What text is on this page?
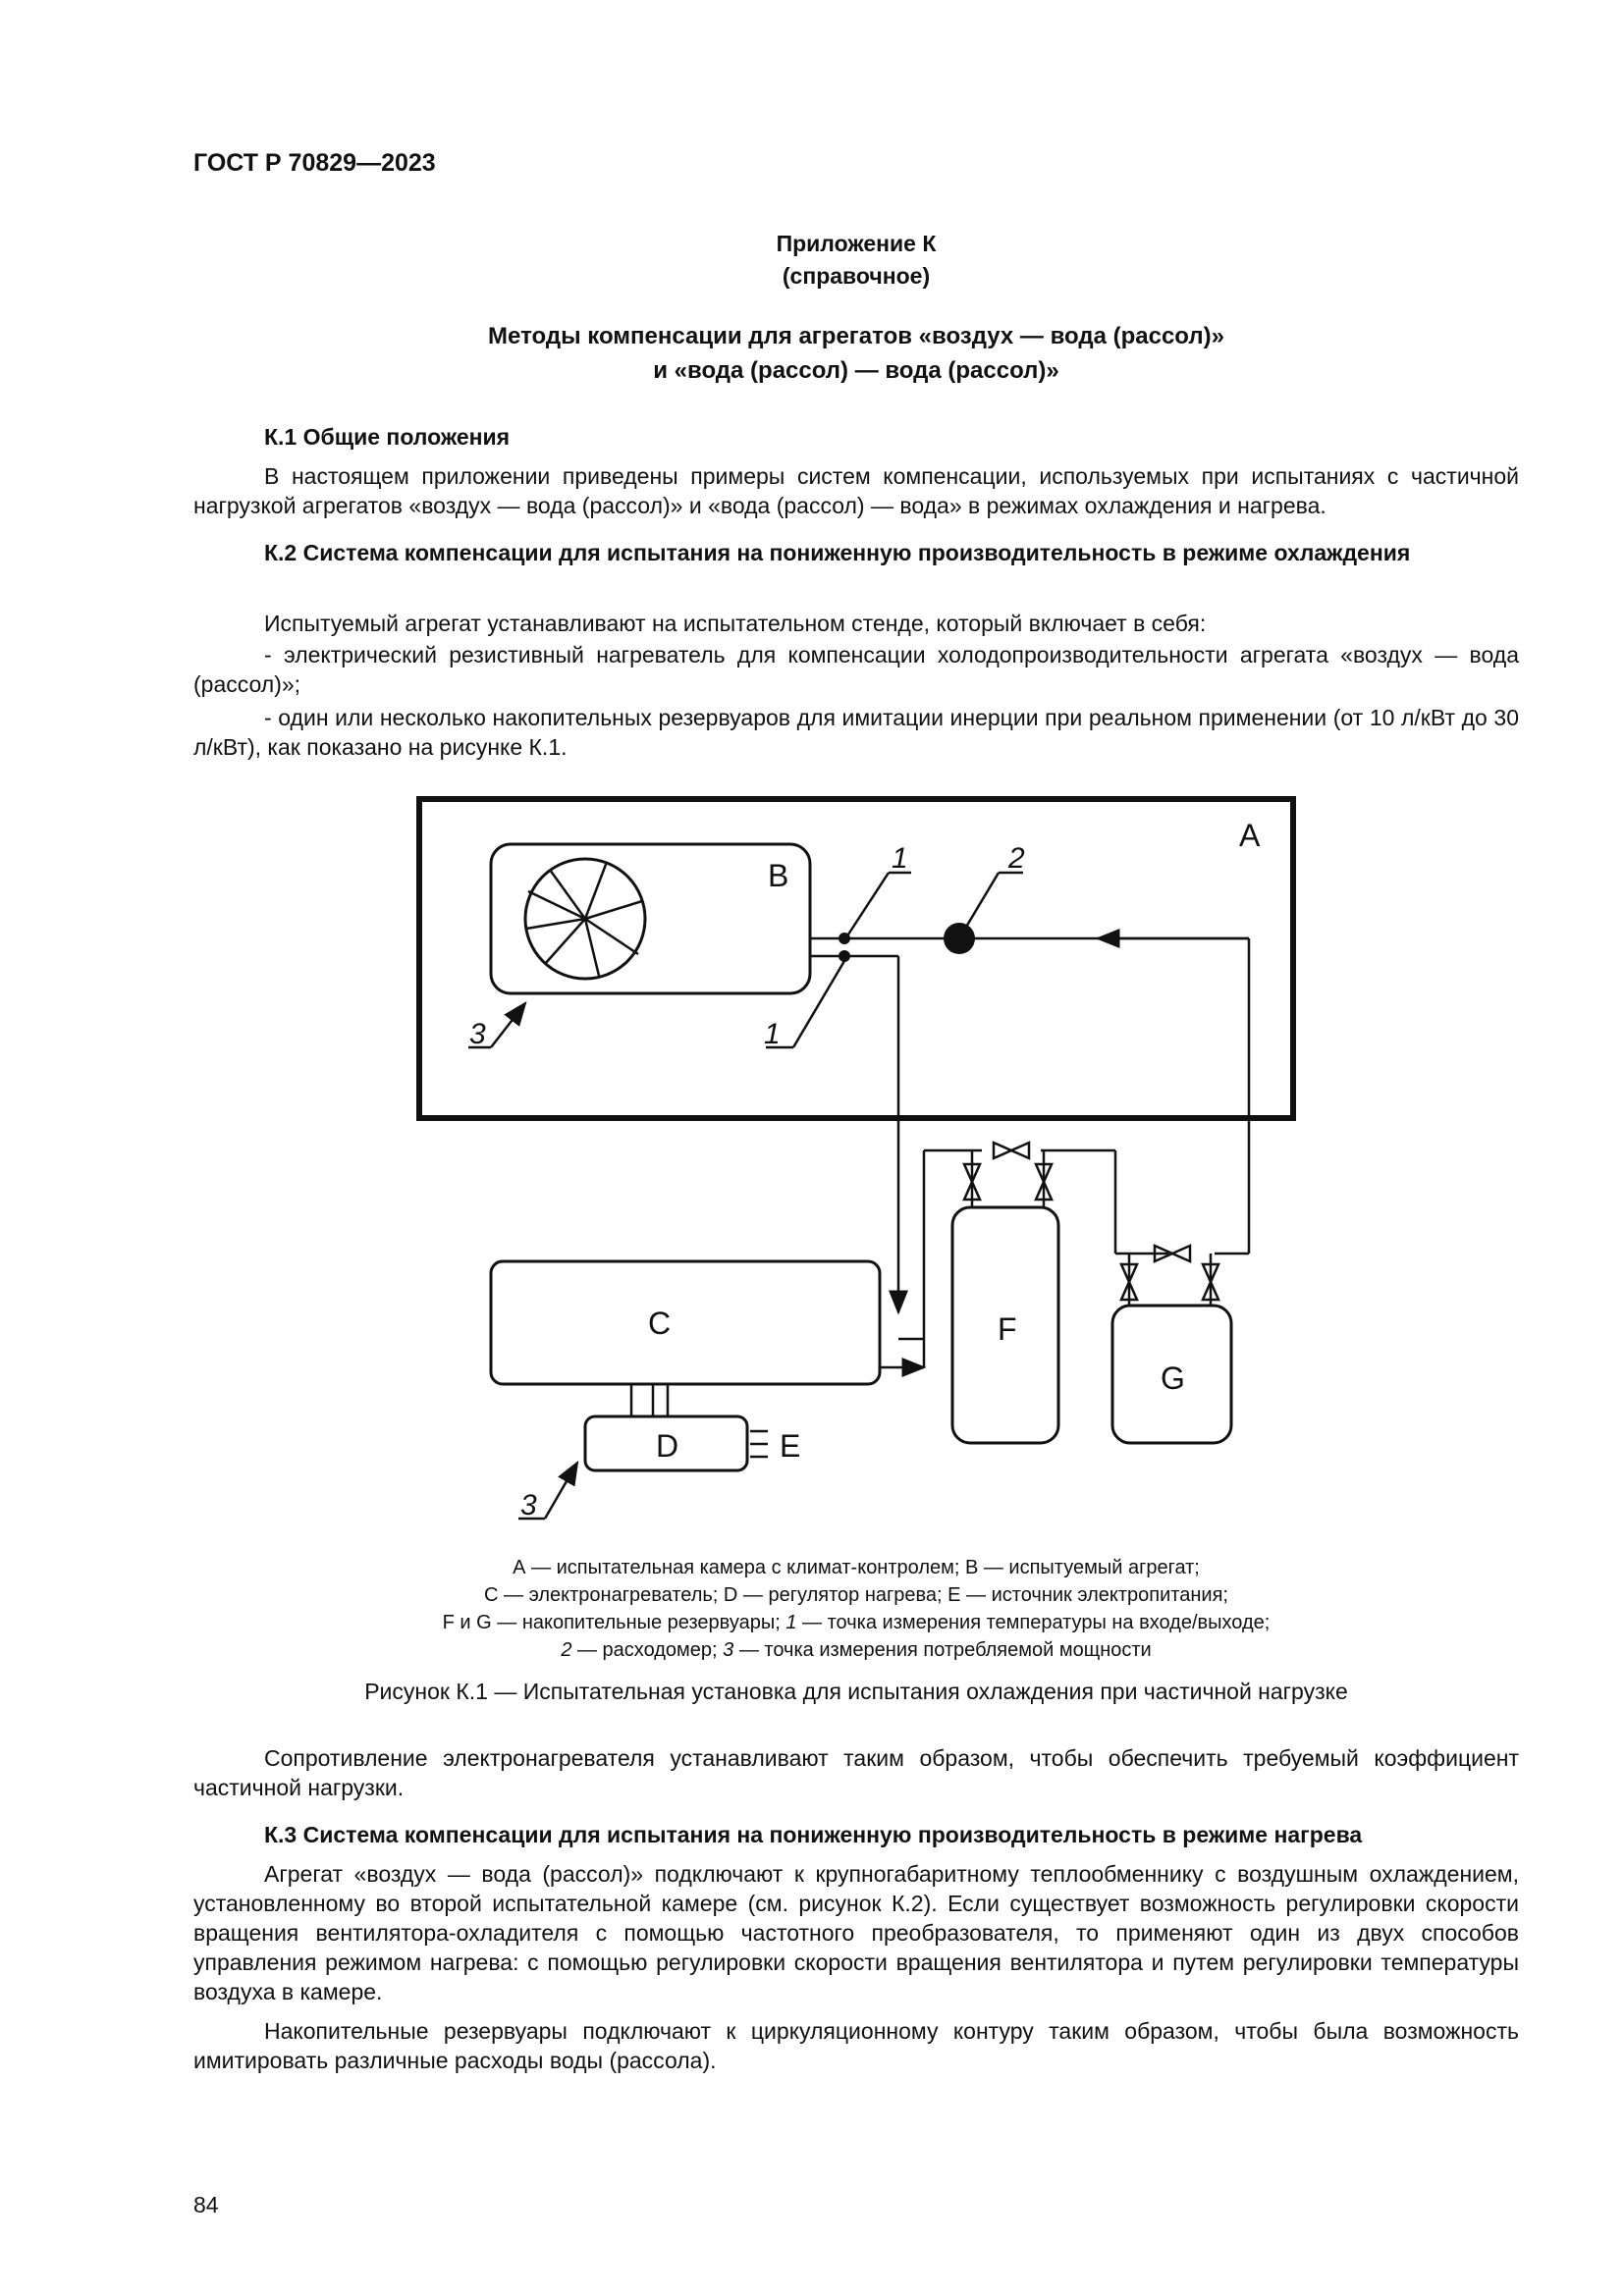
ГОСТ Р 70829—2023
Приложение К
(справочное)
Методы компенсации для агрегатов «воздух — вода (рассол)»
и «вода (рассол) — вода (рассол)»
К.1 Общие положения
В настоящем приложении приведены примеры систем компенсации, используемых при испытаниях с частичной нагрузкой агрегатов «воздух — вода (рассол)» и «вода (рассол) — вода» в режимах охлаждения и нагрева.
К.2 Система компенсации для испытания на пониженную производительность в режиме охлаждения
Испытуемый агрегат устанавливают на испытательном стенде, который включает в себя:
- электрический резистивный нагреватель для компенсации холодопроизводительности агрегата «воздух — вода (рассол)»;
- один или несколько накопительных резервуаров для имитации инерции при реальном применении (от 10 л/кВт до 30 л/кВт), как показано на рисунке К.1.
A
B
C
D	E
F
G
1
1
2
3
3
А — испытательная камера с климат-контролем; В — испытуемый агрегат;
С — электронагреватель; D — регулятор нагрева; Е — источник электропитания;
F и G — накопительные резервуары; 1 — точка измерения температуры на входе/выходе;
2 — расходомер; 3 — точка измерения потребляемой мощности
Рисунок К.1 — Испытательная установка для испытания охлаждения при частичной нагрузке
Сопротивление электронагревателя устанавливают таким образом, чтобы обеспечить требуемый коэффициент частичной нагрузки.
К.3 Система компенсации для испытания на пониженную производительность в режиме нагрева
Агрегат «воздух — вода (рассол)» подключают к крупногабаритному теплообменнику с воздушным охлаждением, установленному во второй испытательной камере (см. рисунок К.2). Если существует возможность регулировки скорости вращения вентилятора-охладителя с помощью частотного преобразователя, то применяют один из двух способов управления режимом нагрева: с помощью регулировки скорости вращения вентилятора и путем регулировки температуры воздуха в камере.
Накопительные резервуары подключают к циркуляционному контуру таким образом, чтобы была возможность имитировать различные расходы воды (рассола).
84
